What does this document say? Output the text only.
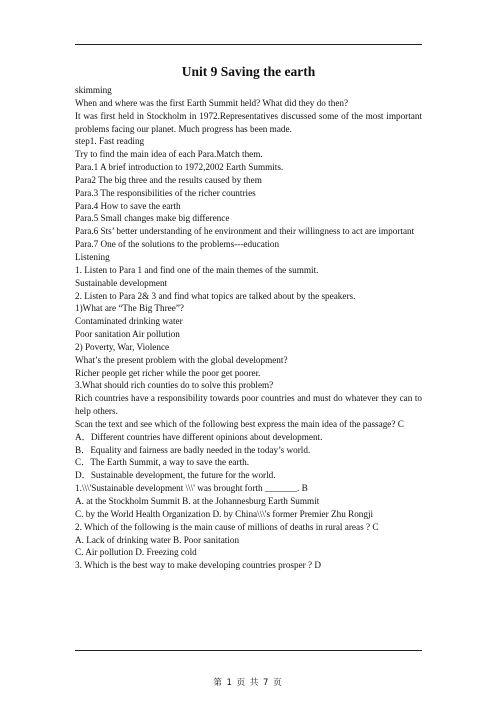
Unit 9 Saving the earth

skimming

When and where was the first Earth Summit held? What did they do then?

It was first held in Stockholm in 1972.Representatives discussed some of the most important problems facing our planet. Much progress has been made.

step1. Fast reading

Try to find the main idea of each Para.Match them.

Para.1 A brief introduction to 1972,2002 Earth Summits.

Para2 The big three and the results caused by them

Para.3 The responsibilities of the richer countries

Para.4 How to save the earth

Para.5 Small changes make big difference

Para.6 Sts’ better understanding of he environment and their willingness to act are important

Para.7 One of the solutions to the problems---education

Listening

1. Listen to Para 1 and find one of the main themes of the summit.

Sustainable development

2. Listen to Para 2& 3 and find what topics are talked about by the speakers.

1)What are “The Big Three”?

Contaminated drinking water

Poor sanitation Air pollution

2) Poverty, War, Violence

What’s the present problem with the global development?

Richer people get richer while the poor get poorer.

3.What should rich counties do to solve this problem?

Rich countries have a responsibility towards poor countries and must do whatever they can to help others.

Scan the text and see which of the following best express the main idea of the passage? C

A．Different countries have different opinions about development.

B．Equality and fairness are badly needed in the today’s world.

C．The Earth Summit, a way to save the earth.

D．Sustainable development, the future for the world.

1.\\\'Sustainable development \\\' was brought forth _______. B

A. at the Stockholm Summit B. at the Johannesburg Earth Summit

C. by the World Health Organization D. by China\\\'s former Premier Zhu Rongji

2. Which of the following is the main cause of millions of deaths in rural areas ? C

A. Lack of drinking water B. Poor sanitation

C. Air pollution D. Freezing cold

3. Which is the best way to make developing countries prosper ? D

第 1 页 共 7 页
